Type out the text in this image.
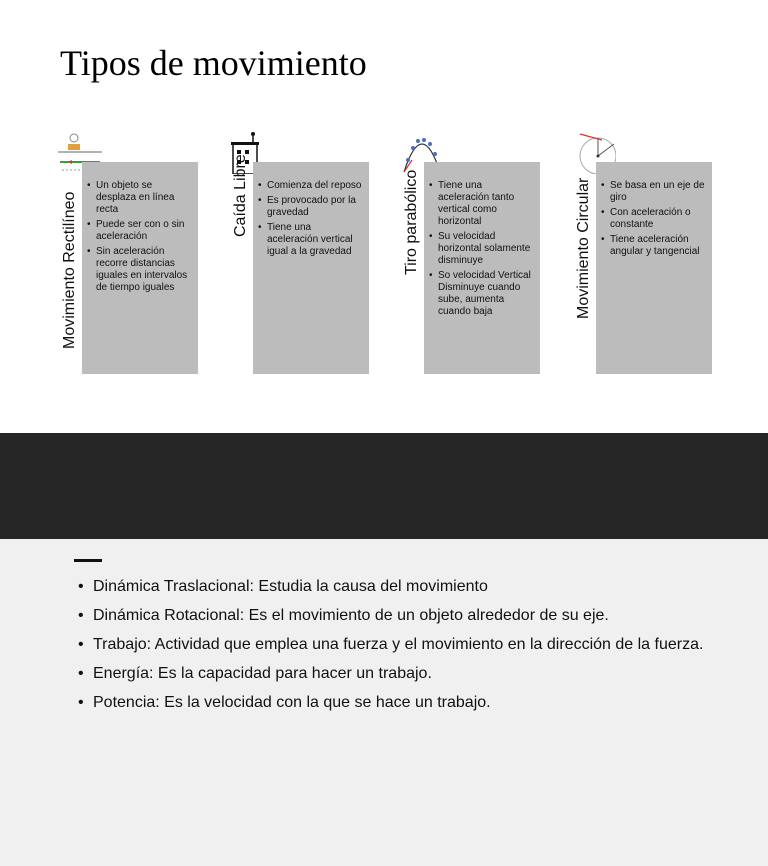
Tipos de movimiento
Movimiento Rectilíneo
• Un objeto se desplaza en línea recta
• Puede ser con o sin aceleración
• Sin aceleración recorre distancias iguales en intervalos de tiempo iguales
Caída Libre • Comienza del reposo
• Es provocado por la gravedad
• Tiene una aceleración vertical igual a la gravedad	Tiro parabólico • Tiene una aceleración tanto vertical como horizontal
• Su velocidad horizontal solamente disminuye
• So velocidad Vertical Disminuye cuando sube, aumenta cuando baja	Movimiento Circular • Se basa en un eje de giro
• Con aceleración o constante
• Tiene aceleración angular y tangencial
• Dinámica Traslacional: Estudia la causa del movimiento
• Dinámica Rotacional: Es el movimiento de un objeto alrededor de su eje.
• Trabajo: Actividad que emplea una fuerza y el movimiento en la dirección de la fuerza.
• Energía: Es la capacidad para hacer un trabajo.
• Potencia: Es la velocidad con la que se hace un trabajo.
